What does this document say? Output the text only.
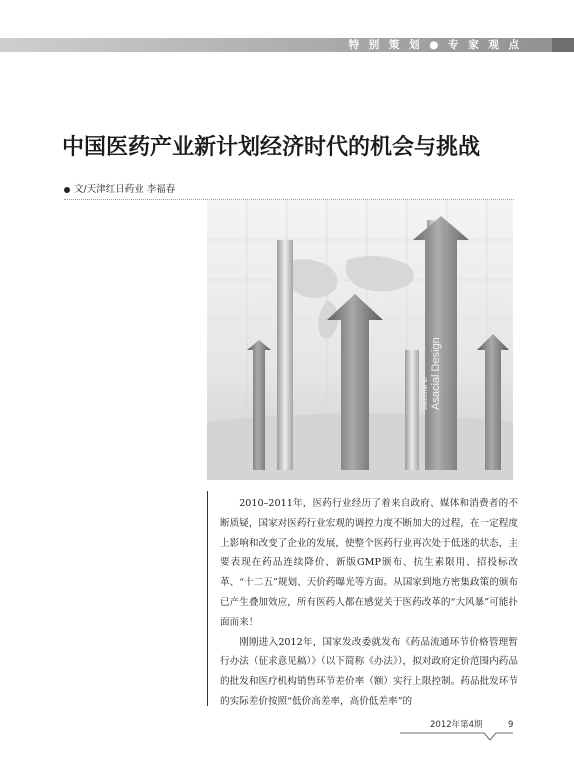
特 别 策 划 ● 专 家 观 点
中国医药产业新计划经济时代的机会与挑战
文/天津红日药业 李福春
Asacial Design
welcome to

2010–2011年，医药行业经历了着来自政府、媒体和消费者的不断质疑，国家对医药行业宏观的调控力度不断加大的过程，在一定程度上影响和改变了企业的发展，使整个医药行业再次处于低迷的状态，主要表现在药品连续降价、新版GMP颁布、抗生素限用、招投标改革、“十二五”规划、天价药曝光等方面。从国家到地方密集政策的颁布已产生叠加效应，所有医药人都在感觉关于医药改革的“大风暴”可能扑面而来！

刚刚进入2012年，国家发改委就发布《药品流通环节价格管理暂行办法（征求意见稿）》（以下简称《办法》），拟对政府定价范围内药品的批发和医疗机构销售环节差价率（额）实行上限控制。药品批发环节的实际差价按照“低价高差率，高价低差率”的

2012年第4期	9
